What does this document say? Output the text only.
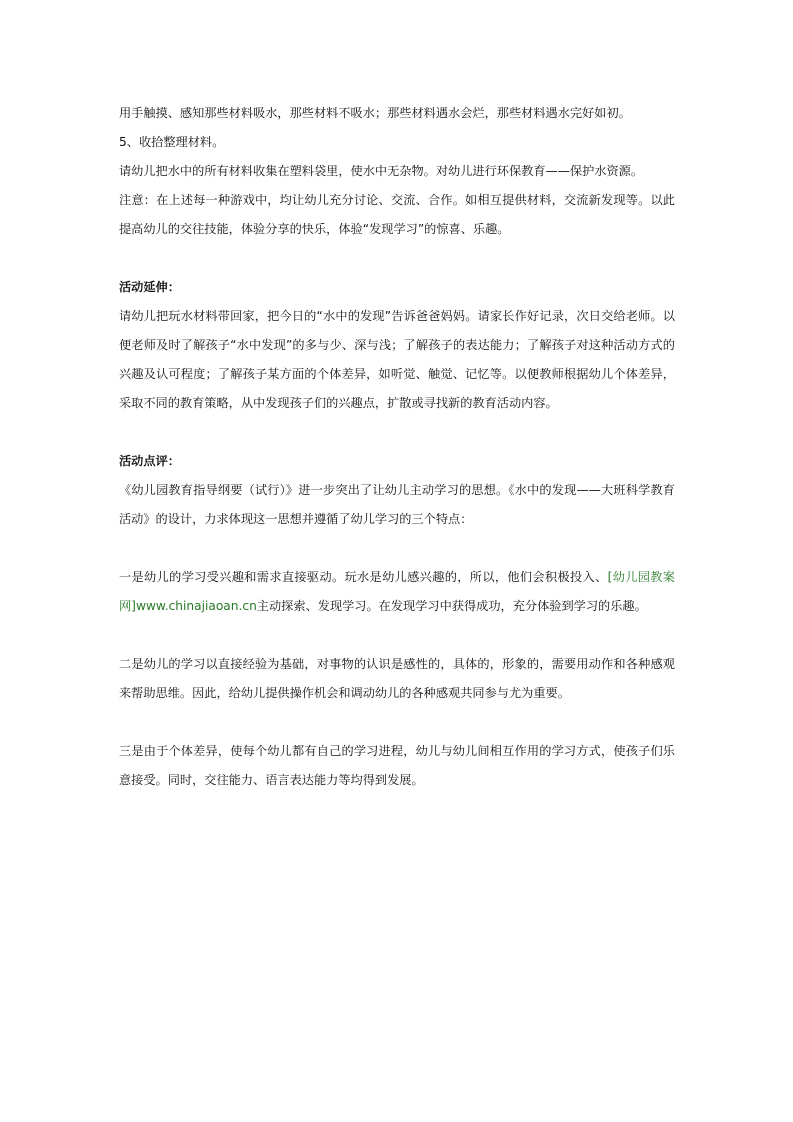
用手触摸、感知那些材料吸水，那些材料不吸水；那些材料遇水会烂，那些材料遇水完好如初。

5、收拾整理材料。

请幼儿把水中的所有材料收集在塑料袋里，使水中无杂物。对幼儿进行环保教育——保护水资源。

注意：在上述每一种游戏中，均让幼儿充分讨论、交流、合作。如相互提供材料，交流新发现等。以此提高幼儿的交往技能，体验分享的快乐，体验“发现学习”的惊喜、乐趣。

活动延伸：

请幼儿把玩水材料带回家，把今日的“水中的发现”告诉爸爸妈妈。请家长作好记录，次日交给老师。以便老师及时了解孩子“水中发现”的多与少、深与浅；了解孩子的表达能力；了解孩子对这种活动方式的兴趣及认可程度；了解孩子某方面的个体差异，如听觉、触觉、记忆等。以便教师根据幼儿个体差异，采取不同的教育策略，从中发现孩子们的兴趣点，扩散或寻找新的教育活动内容。

活动点评：

《幼儿园教育指导纲要（试行）》进一步突出了让幼儿主动学习的思想。《水中的发现——大班科学教育活动》的设计，力求体现这一思想并遵循了幼儿学习的三个特点：

一是幼儿的学习受兴趣和需求直接驱动。玩水是幼儿感兴趣的，所以，他们会积极投入、[幼儿园教案网]www.chinajiaoan.cn主动探索、发现学习。在发现学习中获得成功，充分体验到学习的乐趣。

二是幼儿的学习以直接经验为基础，对事物的认识是感性的，具体的，形象的，需要用动作和各种感观来帮助思维。因此，给幼儿提供操作机会和调动幼儿的各种感观共同参与尤为重要。

三是由于个体差异，使每个幼儿都有自己的学习进程，幼儿与幼儿间相互作用的学习方式，使孩子们乐意接受。同时，交往能力、语言表达能力等均得到发展。
